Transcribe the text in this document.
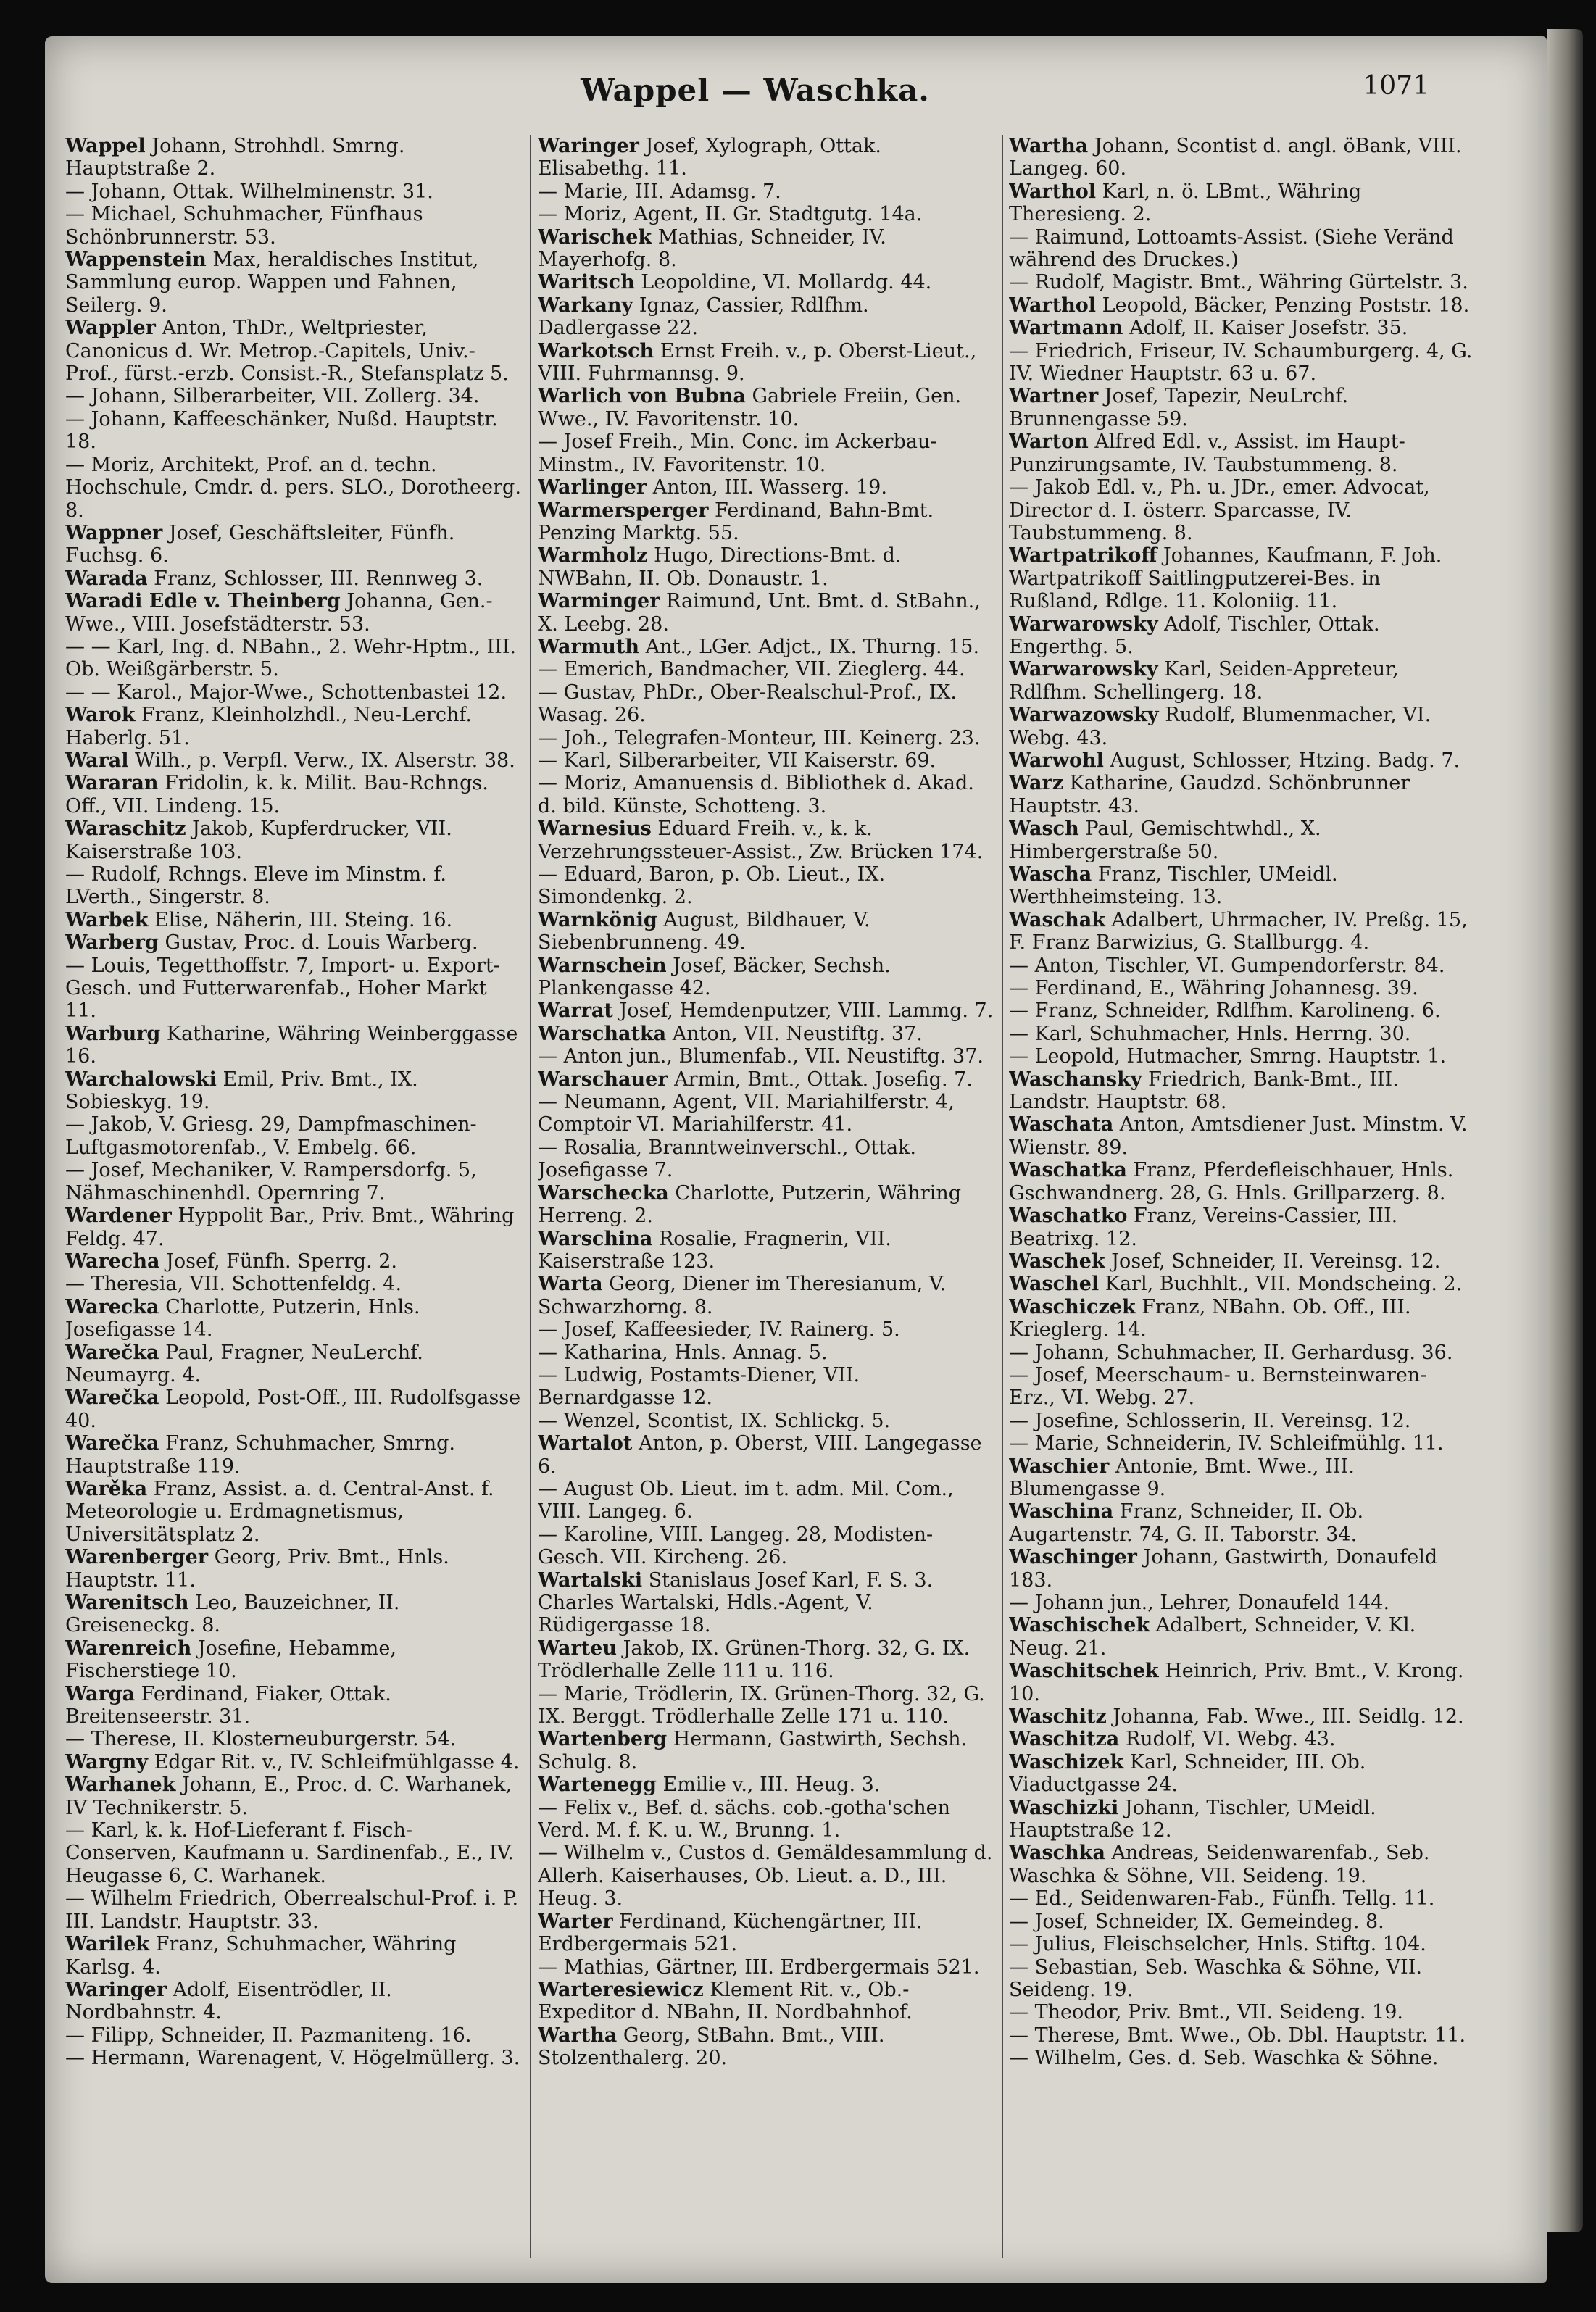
Wappel — Waschka.	1071

Wappel Johann, Strohhdl. Smrng. Hauptstraße 2.

— Johann, Ottak. Wilhelminenstr. 31.

— Michael, Schuhmacher, Fünfhaus Schönbrunnerstr. 53.

Wappenstein Max, heraldisches Institut, Sammlung europ. Wappen und Fahnen, Seilerg. 9.

Wappler Anton, ThDr., Weltpriester, Canonicus d. Wr. Metrop.-Capitels, Univ.-Prof., fürst.-erzb. Consist.-R., Stefansplatz 5.

— Johann, Silberarbeiter, VII. Zollerg. 34.

— Johann, Kaffeeschänker, Nußd. Hauptstr. 18.

— Moriz, Architekt, Prof. an d. techn. Hochschule, Cmdr. d. pers. SLO., Dorotheerg. 8.

Wappner Josef, Geschäftsleiter, Fünfh. Fuchsg. 6.

Warada Franz, Schlosser, III. Rennweg 3.

Waradi Edle v. Theinberg Johanna, Gen.-Wwe., VIII. Josefstädterstr. 53.

— — Karl, Ing. d. NBahn., 2. Wehr-Hptm., III. Ob. Weißgärberstr. 5.

— — Karol., Major-Wwe., Schottenbastei 12.

Warok Franz, Kleinholzhdl., Neu-Lerchf. Haberlg. 51.

Waral Wilh., p. Verpfl. Verw., IX. Alserstr. 38.

Wararan Fridolin, k. k. Milit. Bau-Rchngs. Off., VII. Lindeng. 15.

Waraschitz Jakob, Kupferdrucker, VII. Kaiserstraße 103.

— Rudolf, Rchngs. Eleve im Minstm. f. LVerth., Singerstr. 8.

Warbek Elise, Näherin, III. Steing. 16.

Warberg Gustav, Proc. d. Louis Warberg.

— Louis, Tegetthoffstr. 7, Import- u. Export-Gesch. und Futterwarenfab., Hoher Markt 11.

Warburg Katharine, Währing Weinberggasse 16.

Warchalowski Emil, Priv. Bmt., IX. Sobieskyg. 19.

— Jakob, V. Griesg. 29, Dampfmaschinen-Luftgasmotorenfab., V. Embelg. 66.

— Josef, Mechaniker, V. Rampersdorfg. 5, Nähmaschinenhdl. Opernring 7.

Wardener Hyppolit Bar., Priv. Bmt., Währing Feldg. 47.

Warecha Josef, Fünfh. Sperrg. 2.

— Theresia, VII. Schottenfeldg. 4.

Warecka Charlotte, Putzerin, Hnls. Josefigasse 14.

Warečka Paul, Fragner, NeuLerchf. Neumayrg. 4.

Warečka Leopold, Post-Off., III. Rudolfsgasse 40.

Warečka Franz, Schuhmacher, Smrng. Hauptstraße 119.

Warěka Franz, Assist. a. d. Central-Anst. f. Meteorologie u. Erdmagnetismus, Universitätsplatz 2.

Warenberger Georg, Priv. Bmt., Hnls. Hauptstr. 11.

Warenitsch Leo, Bauzeichner, II. Greiseneckg. 8.

Warenreich Josefine, Hebamme, Fischerstiege 10.

Warga Ferdinand, Fiaker, Ottak. Breitenseerstr. 31.

— Therese, II. Klosterneuburgerstr. 54.

Wargny Edgar Rit. v., IV. Schleifmühlgasse 4.

Warhanek Johann, E., Proc. d. C. Warhanek, IV Technikerstr. 5.

— Karl, k. k. Hof-Lieferant f. Fisch-Conserven, Kaufmann u. Sardinenfab., E., IV. Heugasse 6, C. Warhanek.

— Wilhelm Friedrich, Oberrealschul-Prof. i. P. III. Landstr. Hauptstr. 33.

Warilek Franz, Schuhmacher, Währing Karlsg. 4.

Waringer Adolf, Eisentrödler, II. Nordbahnstr. 4.

— Filipp, Schneider, II. Pazmaniteng. 16.

— Hermann, Warenagent, V. Högelmüllerg. 3.

Waringer Josef, Xylograph, Ottak. Elisabethg. 11.

— Marie, III. Adamsg. 7.

— Moriz, Agent, II. Gr. Stadtgutg. 14a.

Warischek Mathias, Schneider, IV. Mayerhofg. 8.

Waritsch Leopoldine, VI. Mollardg. 44.

Warkany Ignaz, Cassier, Rdlfhm. Dadlergasse 22.

Warkotsch Ernst Freih. v., p. Oberst-Lieut., VIII. Fuhrmannsg. 9.

Warlich von Bubna Gabriele Freiin, Gen. Wwe., IV. Favoritenstr. 10.

— Josef Freih., Min. Conc. im Ackerbau-Minstm., IV. Favoritenstr. 10.

Warlinger Anton, III. Wasserg. 19.

Warmersperger Ferdinand, Bahn-Bmt. Penzing Marktg. 55.

Warmholz Hugo, Directions-Bmt. d. NWBahn, II. Ob. Donaustr. 1.

Warminger Raimund, Unt. Bmt. d. StBahn., X. Leebg. 28.

Warmuth Ant., LGer. Adjct., IX. Thurng. 15.

— Emerich, Bandmacher, VII. Zieglerg. 44.

— Gustav, PhDr., Ober-Realschul-Prof., IX. Wasag. 26.

— Joh., Telegrafen-Monteur, III. Keinerg. 23.

— Karl, Silberarbeiter, VII Kaiserstr. 69.

— Moriz, Amanuensis d. Bibliothek d. Akad. d. bild. Künste, Schotteng. 3.

Warnesius Eduard Freih. v., k. k. Verzehrungssteuer-Assist., Zw. Brücken 174.

— Eduard, Baron, p. Ob. Lieut., IX. Simondenkg. 2.

Warnkönig August, Bildhauer, V. Siebenbrunneng. 49.

Warnschein Josef, Bäcker, Sechsh. Plankengasse 42.

Warrat Josef, Hemdenputzer, VIII. Lammg. 7.

Warschatka Anton, VII. Neustiftg. 37.

— Anton jun., Blumenfab., VII. Neustiftg. 37.

Warschauer Armin, Bmt., Ottak. Josefig. 7.

— Neumann, Agent, VII. Mariahilferstr. 4, Comptoir VI. Mariahilferstr. 41.

— Rosalia, Branntweinverschl., Ottak. Josefigasse 7.

Warschecka Charlotte, Putzerin, Währing Herreng. 2.

Warschina Rosalie, Fragnerin, VII. Kaiserstraße 123.

Warta Georg, Diener im Theresianum, V. Schwarzhorng. 8.

— Josef, Kaffeesieder, IV. Rainerg. 5.

— Katharina, Hnls. Annag. 5.

— Ludwig, Postamts-Diener, VII. Bernardgasse 12.

— Wenzel, Scontist, IX. Schlickg. 5.

Wartalot Anton, p. Oberst, VIII. Langegasse 6.

— August Ob. Lieut. im t. adm. Mil. Com., VIII. Langeg. 6.

— Karoline, VIII. Langeg. 28, Modisten-Gesch. VII. Kircheng. 26.

Wartalski Stanislaus Josef Karl, F. S. 3. Charles Wartalski, Hdls.-Agent, V. Rüdigergasse 18.

Warteu Jakob, IX. Grünen-Thorg. 32, G. IX. Trödlerhalle Zelle 111 u. 116.

— Marie, Trödlerin, IX. Grünen-Thorg. 32, G. IX. Berggt. Trödlerhalle Zelle 171 u. 110.

Wartenberg Hermann, Gastwirth, Sechsh. Schulg. 8.

Wartenegg Emilie v., III. Heug. 3.

— Felix v., Bef. d. sächs. cob.-gotha'schen Verd. M. f. K. u. W., Brunng. 1.

— Wilhelm v., Custos d. Gemäldesammlung d. Allerh. Kaiserhauses, Ob. Lieut. a. D., III. Heug. 3.

Warter Ferdinand, Küchengärtner, III. Erdbergermais 521.

— Mathias, Gärtner, III. Erdbergermais 521.

Warteresiewicz Klement Rit. v., Ob.-Expeditor d. NBahn, II. Nordbahnhof.

Wartha Georg, StBahn. Bmt., VIII. Stolzenthalerg. 20.

Wartha Johann, Scontist d. angl. öBank, VIII. Langeg. 60.

Warthol Karl, n. ö. LBmt., Währing Theresieng. 2.

— Raimund, Lottoamts-Assist. (Siehe Veränd während des Druckes.)

— Rudolf, Magistr. Bmt., Währing Gürtelstr. 3.

Warthol Leopold, Bäcker, Penzing Poststr. 18.

Wartmann Adolf, II. Kaiser Josefstr. 35.

— Friedrich, Friseur, IV. Schaumburgerg. 4, G. IV. Wiedner Hauptstr. 63 u. 67.

Wartner Josef, Tapezir, NeuLrchf. Brunnengasse 59.

Warton Alfred Edl. v., Assist. im Haupt-Punzirungsamte, IV. Taubstummeng. 8.

— Jakob Edl. v., Ph. u. JDr., emer. Advocat, Director d. I. österr. Sparcasse, IV. Taubstummeng. 8.

Wartpatrikoff Johannes, Kaufmann, F. Joh. Wartpatrikoff Saitlingputzerei-Bes. in Rußland, Rdlge. 11. Koloniig. 11.

Warwarowsky Adolf, Tischler, Ottak. Engerthg. 5.

Warwarowsky Karl, Seiden-Appreteur, Rdlfhm. Schellingerg. 18.

Warwazowsky Rudolf, Blumenmacher, VI. Webg. 43.

Warwohl August, Schlosser, Htzing. Badg. 7.

Warz Katharine, Gaudzd. Schönbrunner Hauptstr. 43.

Wasch Paul, Gemischtwhdl., X. Himbergerstraße 50.

Wascha Franz, Tischler, UMeidl. Werthheimsteing. 13.

Waschak Adalbert, Uhrmacher, IV. Preßg. 15, F. Franz Barwizius, G. Stallburgg. 4.

— Anton, Tischler, VI. Gumpendorferstr. 84.

— Ferdinand, E., Währing Johannesg. 39.

— Franz, Schneider, Rdlfhm. Karolineng. 6.

— Karl, Schuhmacher, Hnls. Herrng. 30.

— Leopold, Hutmacher, Smrng. Hauptstr. 1.

Waschansky Friedrich, Bank-Bmt., III. Landstr. Hauptstr. 68.

Waschata Anton, Amtsdiener Just. Minstm. V. Wienstr. 89.

Waschatka Franz, Pferdefleischhauer, Hnls. Gschwandnerg. 28, G. Hnls. Grillparzerg. 8.

Waschatko Franz, Vereins-Cassier, III. Beatrixg. 12.

Waschek Josef, Schneider, II. Vereinsg. 12.

Waschel Karl, Buchhlt., VII. Mondscheing. 2.

Waschiczek Franz, NBahn. Ob. Off., III. Krieglerg. 14.

— Johann, Schuhmacher, II. Gerhardusg. 36.

— Josef, Meerschaum- u. Bernsteinwaren-Erz., VI. Webg. 27.

— Josefine, Schlosserin, II. Vereinsg. 12.

— Marie, Schneiderin, IV. Schleifmühlg. 11.

Waschier Antonie, Bmt. Wwe., III. Blumengasse 9.

Waschina Franz, Schneider, II. Ob. Augartenstr. 74, G. II. Taborstr. 34.

Waschinger Johann, Gastwirth, Donaufeld 183.

— Johann jun., Lehrer, Donaufeld 144.

Waschischek Adalbert, Schneider, V. Kl. Neug. 21.

Waschitschek Heinrich, Priv. Bmt., V. Krong. 10.

Waschitz Johanna, Fab. Wwe., III. Seidlg. 12.

Waschitza Rudolf, VI. Webg. 43.

Waschizek Karl, Schneider, III. Ob. Viaductgasse 24.

Waschizki Johann, Tischler, UMeidl. Hauptstraße 12.

Waschka Andreas, Seidenwarenfab., Seb. Waschka & Söhne, VII. Seideng. 19.

— Ed., Seidenwaren-Fab., Fünfh. Tellg. 11.

— Josef, Schneider, IX. Gemeindeg. 8.

— Julius, Fleischselcher, Hnls. Stiftg. 104.

— Sebastian, Seb. Waschka & Söhne, VII. Seideng. 19.

— Theodor, Priv. Bmt., VII. Seideng. 19.

— Therese, Bmt. Wwe., Ob. Dbl. Hauptstr. 11.

— Wilhelm, Ges. d. Seb. Waschka & Söhne.
